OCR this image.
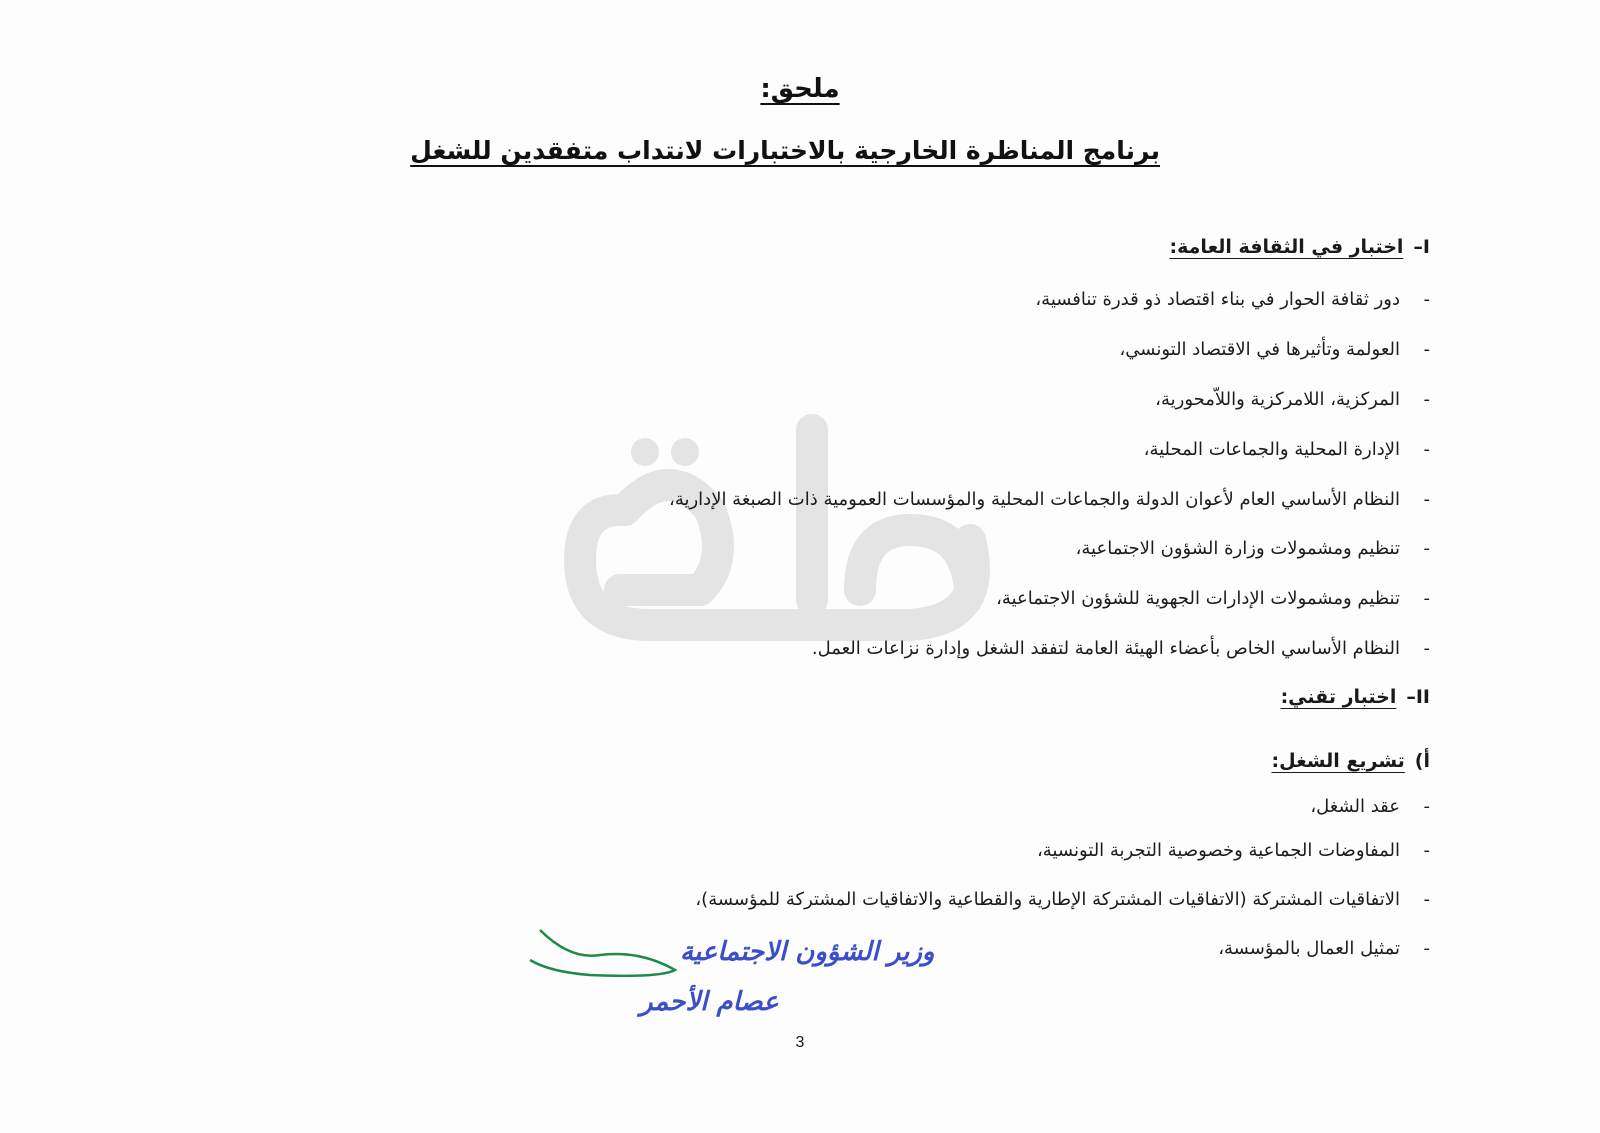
ملحق:
برنامج المناظرة الخارجية بالاختبارات لانتداب متفقدين للشغل
I–اختبار في الثقافة العامة:
-دور ثقافة الحوار في بناء اقتصاد ذو قدرة تنافسية،
-العولمة وتأثيرها في الاقتصاد التونسي،
-المركزية، اللامركزية واللاّمحورية،
-الإدارة المحلية والجماعات المحلية،
-النظام الأساسي العام لأعوان الدولة والجماعات المحلية والمؤسسات العمومية ذات الصبغة الإدارية،
-تنظيم ومشمولات وزارة الشؤون الاجتماعية،
-تنظيم ومشمولات الإدارات الجهوية للشؤون الاجتماعية،
-النظام الأساسي الخاص بأعضاء الهيئة العامة لتفقد الشغل وإدارة نزاعات العمل.
II–اختبار تقني:
أ)تشريع الشغل:
-عقد الشغل،
-المفاوضات الجماعية وخصوصية التجربة التونسية،
-الاتفاقيات المشتركة (الاتفاقيات المشتركة الإطارية والقطاعية والاتفاقيات المشتركة للمؤسسة)،
-تمثيل العمال بالمؤسسة،
وزير الشؤون الاجتماعية
عصام الأحمر
3
